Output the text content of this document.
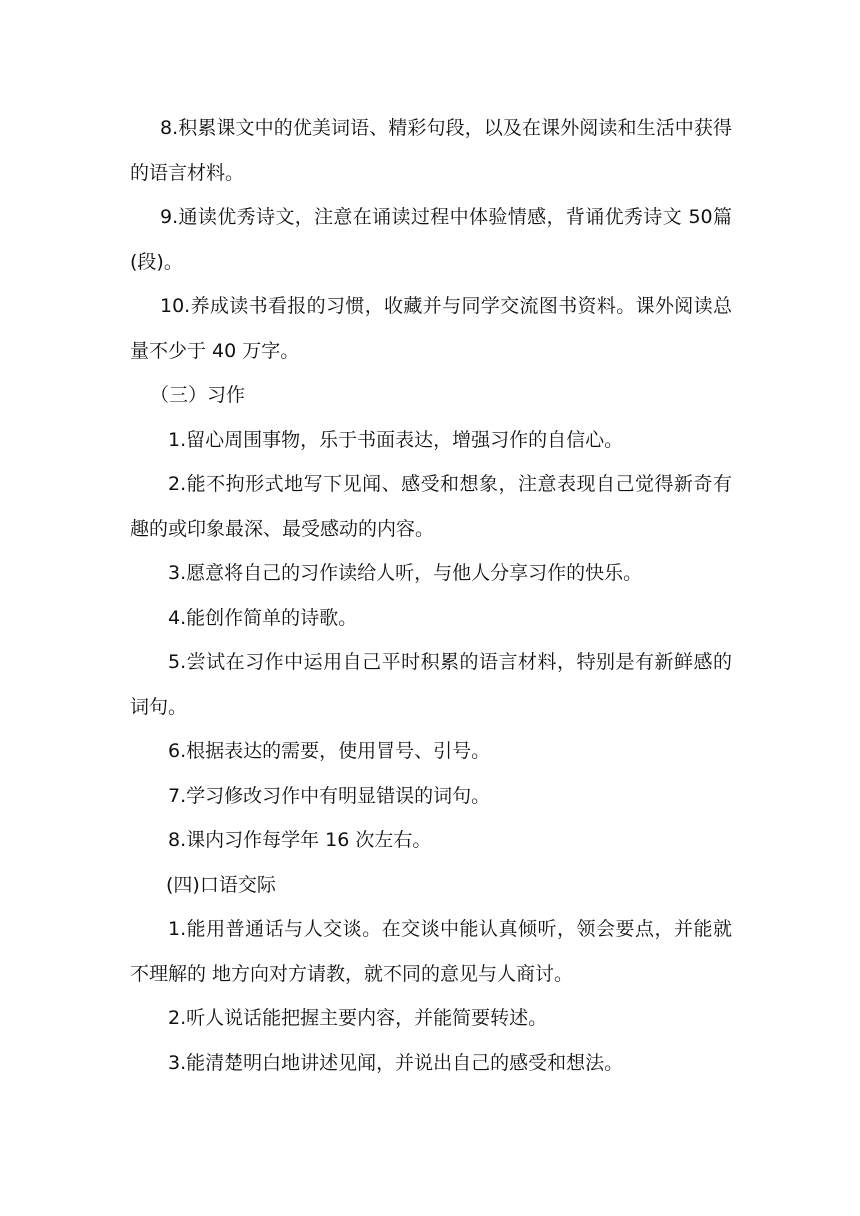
8.积累课文中的优美词语、精彩句段，以及在课外阅读和生活中获得的语言材料。

9.通读优秀诗文，注意在诵读过程中体验情感，背诵优秀诗文 50篇(段)。

10.养成读书看报的习惯，收藏并与同学交流图书资料。课外阅读总量不少于 40 万字。

（三）习作

1.留心周围事物，乐于书面表达，增强习作的自信心。

2.能不拘形式地写下见闻、感受和想象，注意表现自己觉得新奇有趣的或印象最深、最受感动的内容。

3.愿意将自己的习作读给人听，与他人分享习作的快乐。

4.能创作简单的诗歌。

5.尝试在习作中运用自己平时积累的语言材料，特别是有新鲜感的词句。

6.根据表达的需要，使用冒号、引号。

7.学习修改习作中有明显错误的词句。

8.课内习作每学年 16 次左右。

(四)口语交际

1.能用普通话与人交谈。在交谈中能认真倾听，领会要点，并能就不理解的 地方向对方请教，就不同的意见与人商讨。

2.听人说话能把握主要内容，并能简要转述。

3.能清楚明白地讲述见闻，并说出自己的感受和想法。
